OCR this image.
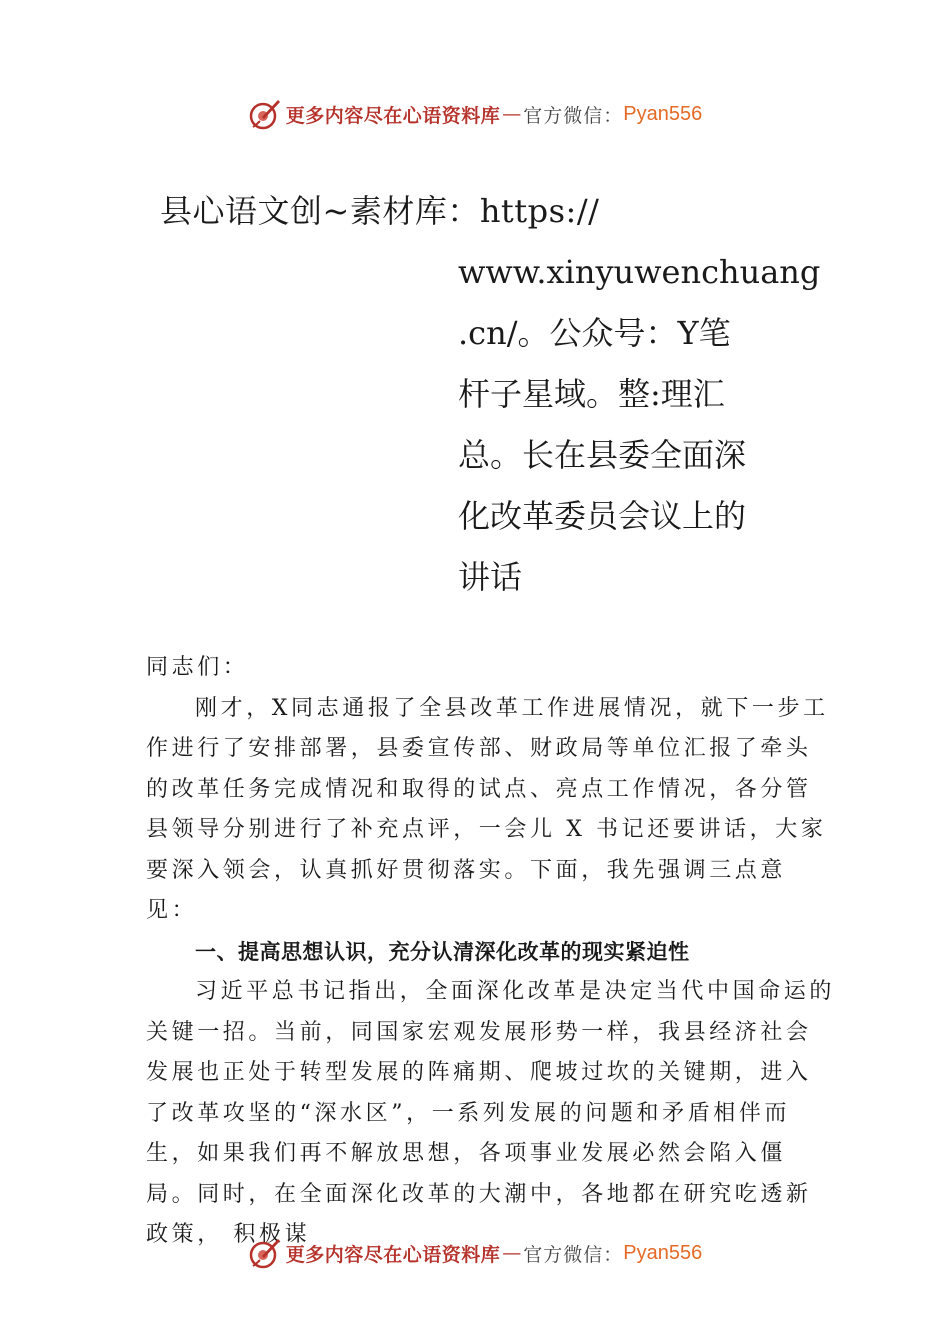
更多内容尽在心语资料库 — 官方微信： Pyan556
县心语文创~素材库：https://
www.xinyuwenchuang
.cn/。公众号：Y笔
杆子星域。整:理汇
总。长在县委全面深
化改革委员会议上的
讲话

同志们：

刚才，X同志通报了全县改革工作进展情况，就下一步工作进行了安排部署，县委宣传部、财政局等单位汇报了牵头的改革任务完成情况和取得的试点、亮点工作情况，各分管县领导分别进行了补充点评，一会儿 X 书记还要讲话，大家要深入领会，认真抓好贯彻落实。下面，我先强调三点意见：

一、提高思想认识，充分认清深化改革的现实紧迫性

习近平总书记指出，全面深化改革是决定当代中国命运的关键一招。当前，同国家宏观发展形势一样，我县经济社会发展也正处于转型发展的阵痛期、爬坡过坎的关键期，进入了改革攻坚的“深水区”，一系列发展的问题和矛盾相伴而生，如果我们再不解放思想，各项事业发展必然会陷入僵局。同时，在全面深化改革的大潮中，各地都在研究吃透新政策， 积极谋

更多内容尽在心语资料库 — 官方微信： Pyan556
